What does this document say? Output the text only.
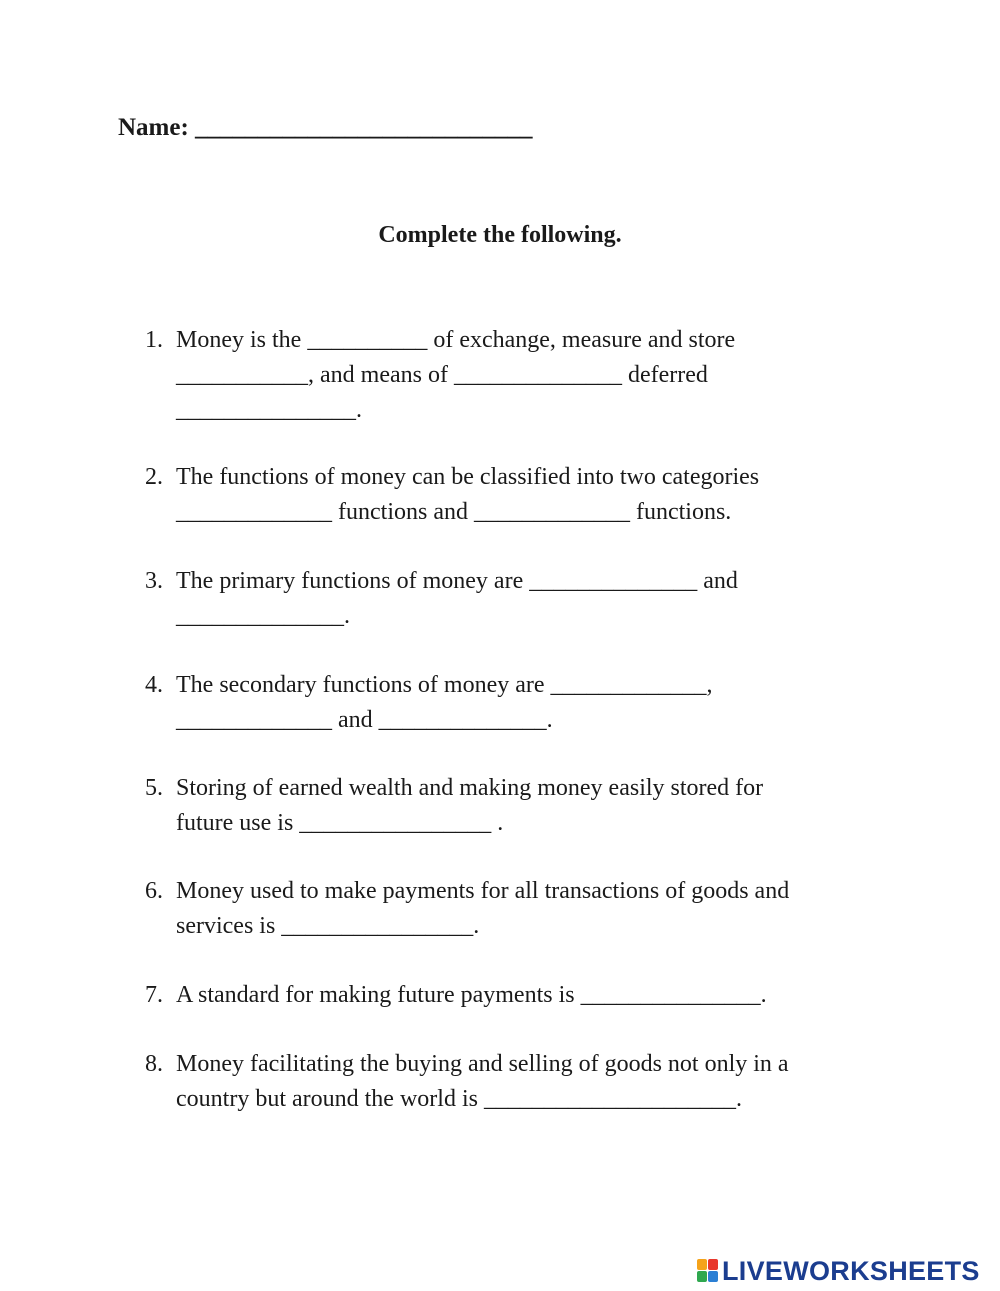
Name: ___________________________
Complete the following.

1.

Money is the __________ of exchange, measure and store

___________, and means of ______________ deferred

_______________.

2.

The functions of money can be classified into two categories

_____________ functions and _____________ functions.

3.

The primary functions of money are ______________ and

______________.

4.

The secondary functions of money are _____________,

_____________ and ______________.

5.

Storing of earned wealth and making money easily stored for

future use is ________________ .

6.

Money used to make payments for all transactions of goods and

services is ________________.

7.

A standard for making future payments is _______________.

8.

Money facilitating the buying and selling of goods not only in a

country but around the world is _____________________.

LIVEWORKSHEETS
